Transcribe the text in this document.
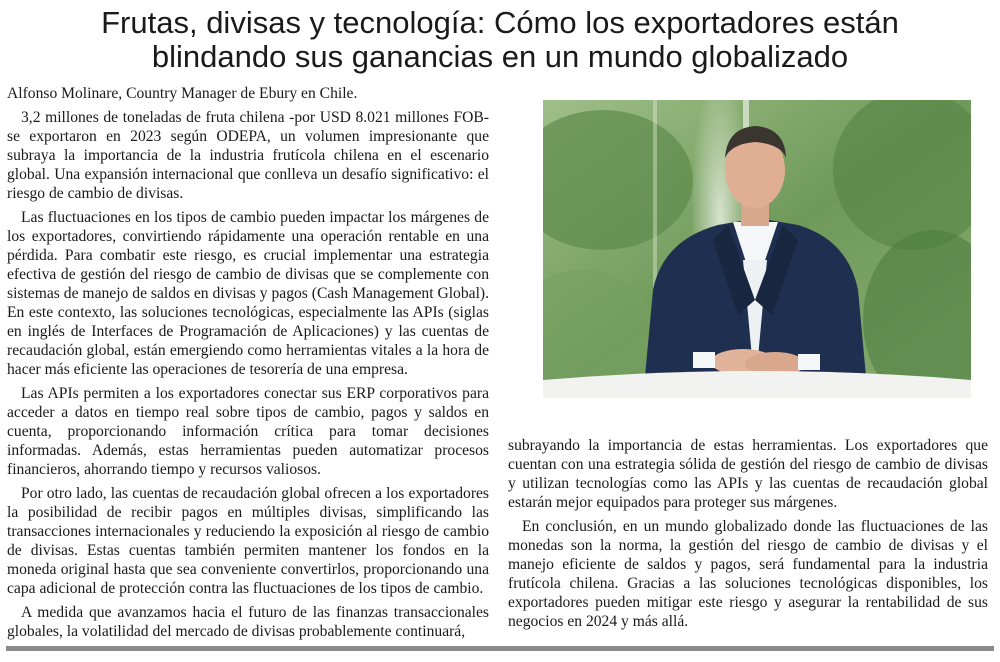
Frutas, divisas y tecnología: Cómo los exportadores están
blindando sus ganancias en un mundo globalizado

Alfonso Molinare, Country Manager de Ebury en Chile.

3,2 millones de toneladas de fruta chilena -por USD 8.021 millones FOB- se exportaron en 2023 según ODEPA, un volumen impresionante que subraya la importancia de la industria frutícola chilena en el escenario global. Una expansión internacional que conlleva un desafío significativo: el riesgo de cambio de divisas.

Las fluctuaciones en los tipos de cambio pueden impactar los márgenes de los exportadores, convirtiendo rápidamente una operación rentable en una pérdida. Para combatir este riesgo, es crucial implementar una estrategia efectiva de gestión del riesgo de cambio de divisas que se complemente con sistemas de manejo de saldos en divisas y pagos (Cash Management Global). En este contexto, las soluciones tecnológicas, especialmente las APIs (siglas en inglés de Interfaces de Programación de Aplicaciones) y las cuentas de recaudación global, están emergiendo como herramientas vitales a la hora de hacer más eficiente las operaciones de tesorería de una empresa.

Las APIs permiten a los exportadores conectar sus ERP corporativos para acceder a datos en tiempo real sobre tipos de cambio, pagos y saldos en cuenta, proporcionando información crítica para tomar decisiones informadas. Además, estas herramientas pueden automatizar procesos financieros, ahorrando tiempo y recursos valiosos.

Por otro lado, las cuentas de recaudación global ofrecen a los exportadores la posibilidad de recibir pagos en múltiples divisas, simplificando las transacciones internacionales y reduciendo la exposición al riesgo de cambio de divisas. Estas cuentas también permiten mantener los fondos en la moneda original hasta que sea conveniente convertirlos, proporcionando una capa adicional de protección contra las fluctuaciones de los tipos de cambio.

A medida que avanzamos hacia el futuro de las finanzas transaccionales globales, la volatilidad del mercado de divisas probablemente continuará,

subrayando la importancia de estas herramientas. Los exportadores que cuentan con una estrategia sólida de gestión del riesgo de cambio de divisas y utilizan tecnologías como las APIs y las cuentas de recaudación global estarán mejor equipados para proteger sus márgenes.

En conclusión, en un mundo globalizado donde las fluctuaciones de las monedas son la norma, la gestión del riesgo de cambio de divisas y el manejo eficiente de saldos y pagos, será fundamental para la industria frutícola chilena. Gracias a las soluciones tecnológicas disponibles, los exportadores pueden mitigar este riesgo y asegurar la rentabilidad de sus negocios en 2024 y más allá.
